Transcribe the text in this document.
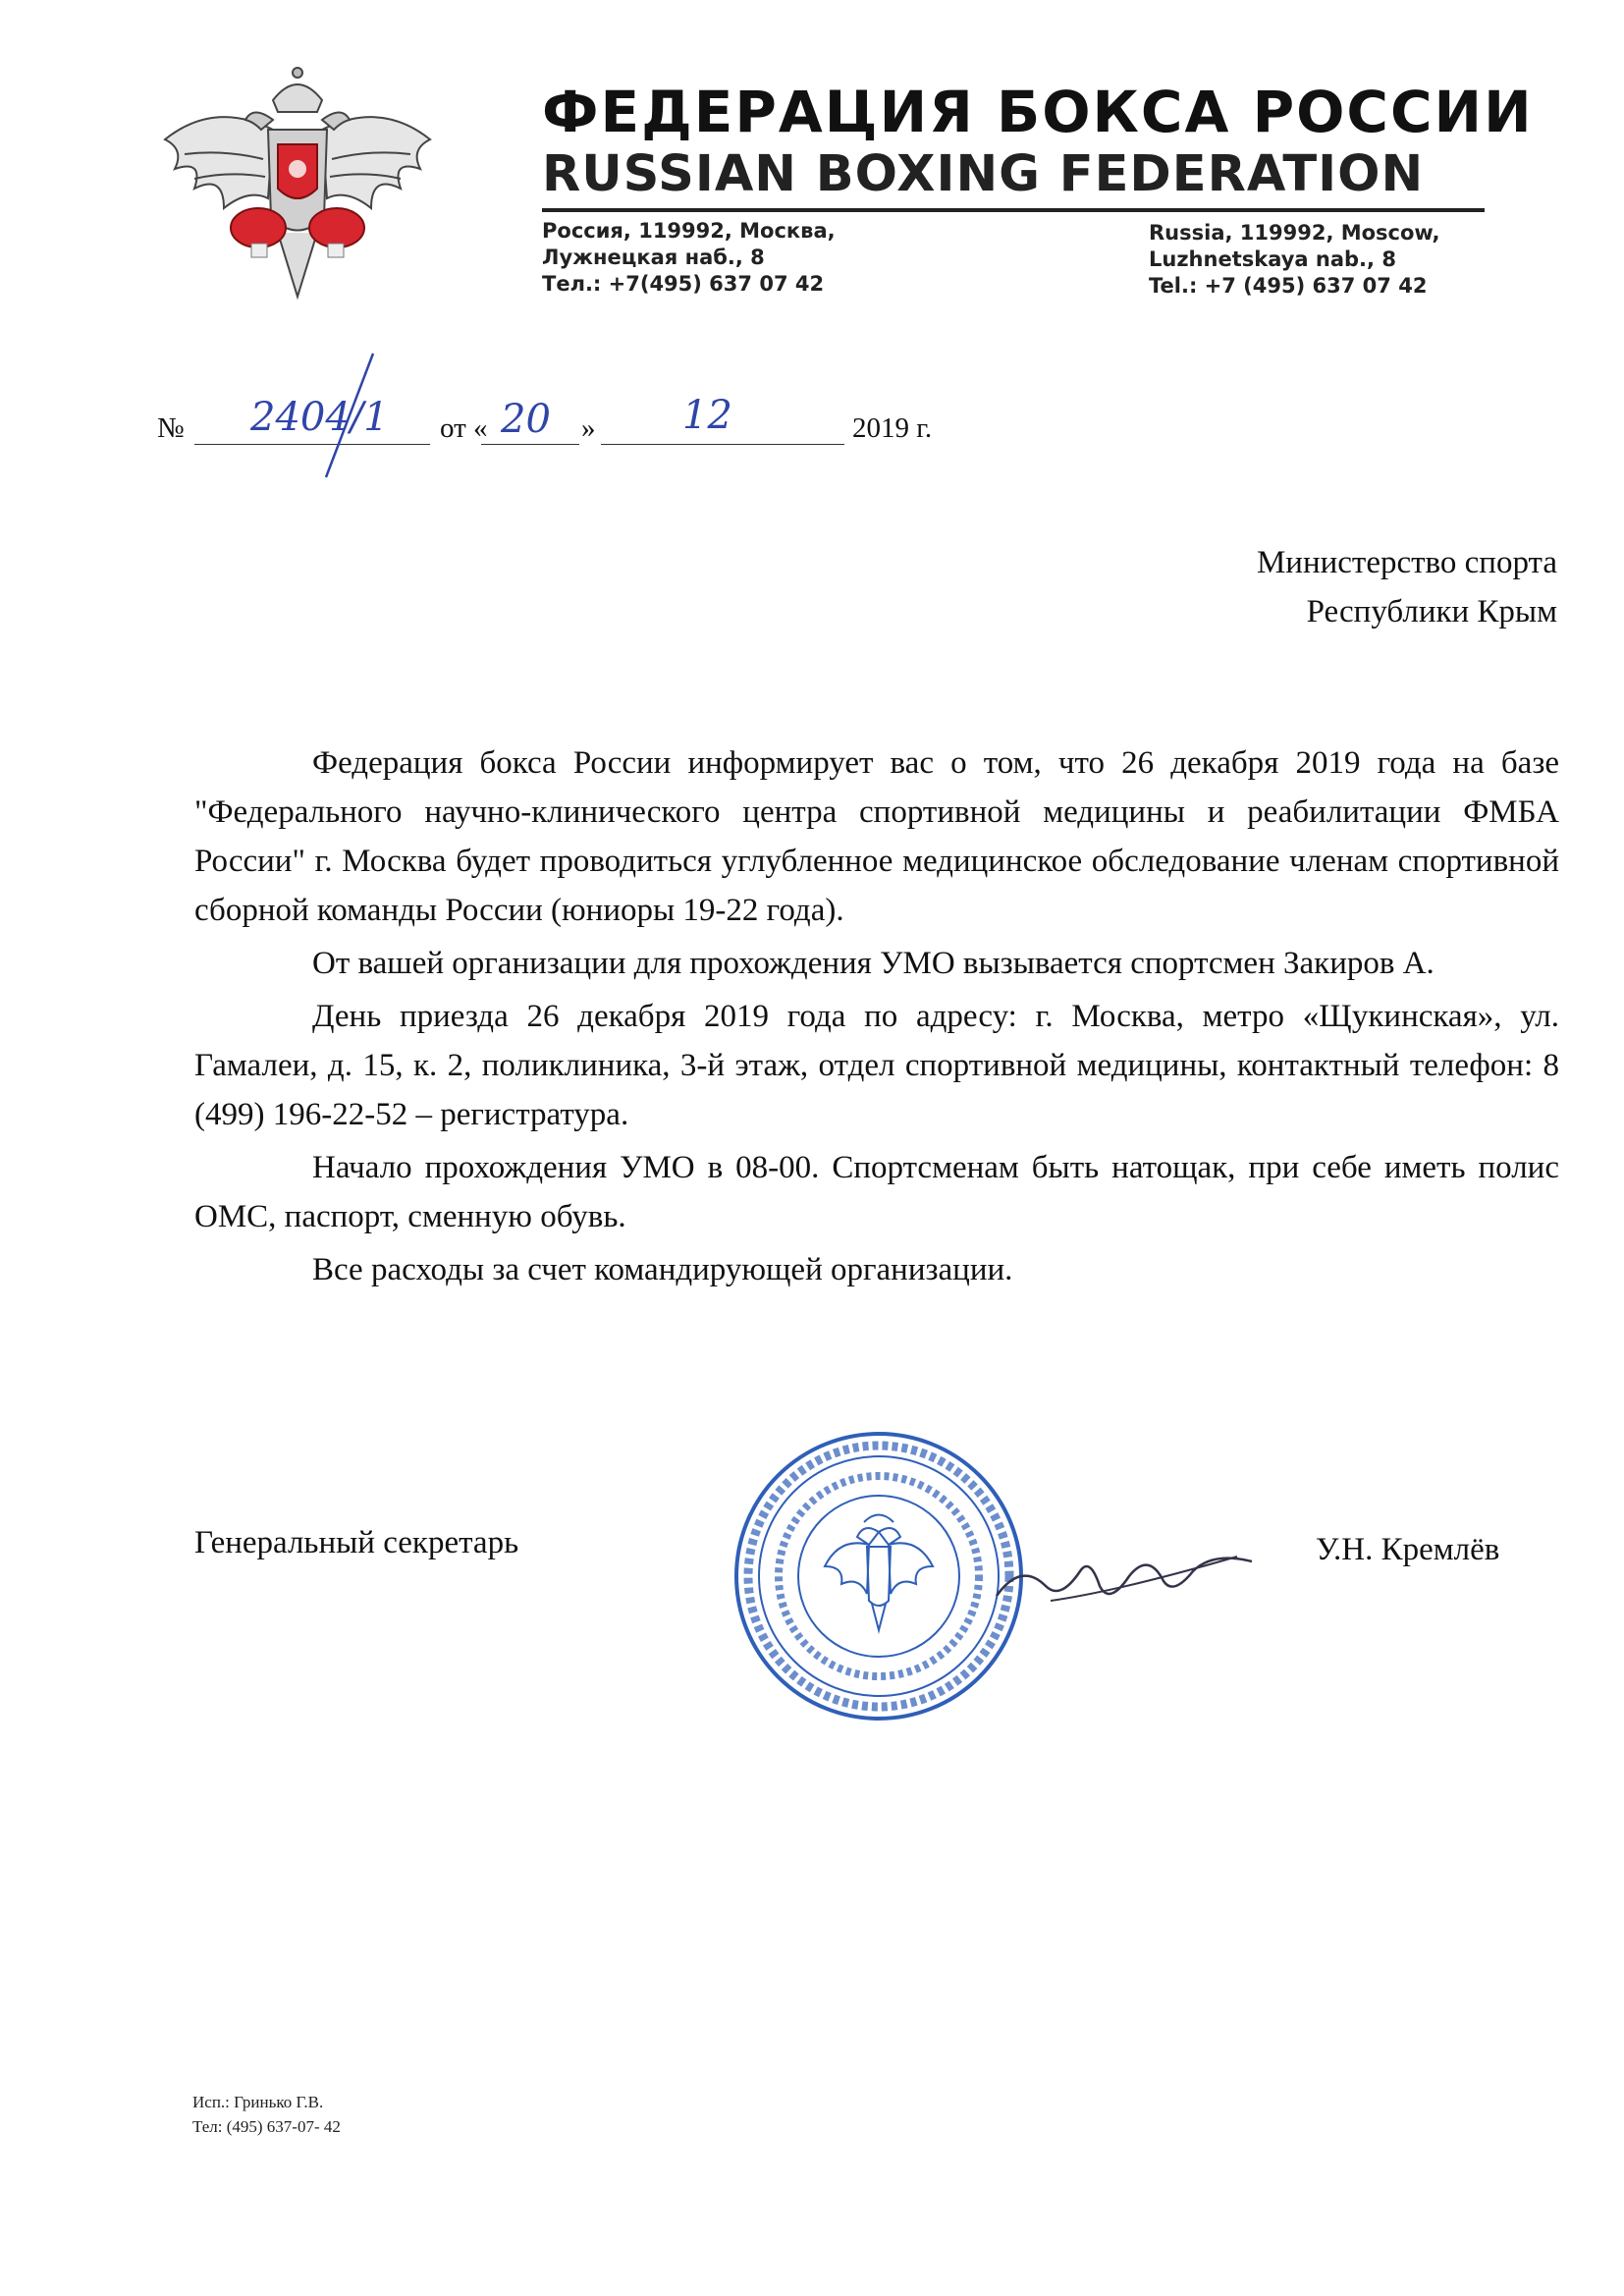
ФЕДЕРАЦИЯ БОКСА РОССИИ
RUSSIAN BOXING FEDERATION
Россия, 119992, Москва,
Лужнецкая наб., 8
Тел.: +7(495) 637 07 42
Russia, 119992, Moscow,
Luzhnetskaya nab., 8
Tel.: +7 (495) 637 07 42
№ 2404/1 от « 20 » 12	2019 г.
Министерство спорта
Республики Крым

Федерация бокса России информирует вас о том, что 26 декабря 2019 года на базе "Федерального научно-клинического центра спортивной медицины и реабилитации ФМБА России" г. Москва будет проводиться углубленное медицинское обследование членам спортивной сборной команды России (юниоры 19-22 года).

От вашей организации для прохождения УМО вызывается спортсмен Закиров А.

День приезда 26 декабря 2019 года по адресу: г. Москва, метро «Щукинская», ул. Гамалеи, д. 15, к. 2, поликлиника, 3-й этаж, отдел спортивной медицины, контактный телефон: 8 (499) 196-22-52 – регистратура.

Начало прохождения УМО в 08-00. Спортсменам быть натощак, при себе иметь полис ОМС, паспорт, сменную обувь.

Все расходы за счет командирующей организации.

Генеральный секретарь	У.Н. Кремлёв
Исп.: Гринько Г.В.
Тел: (495) 637-07- 42
